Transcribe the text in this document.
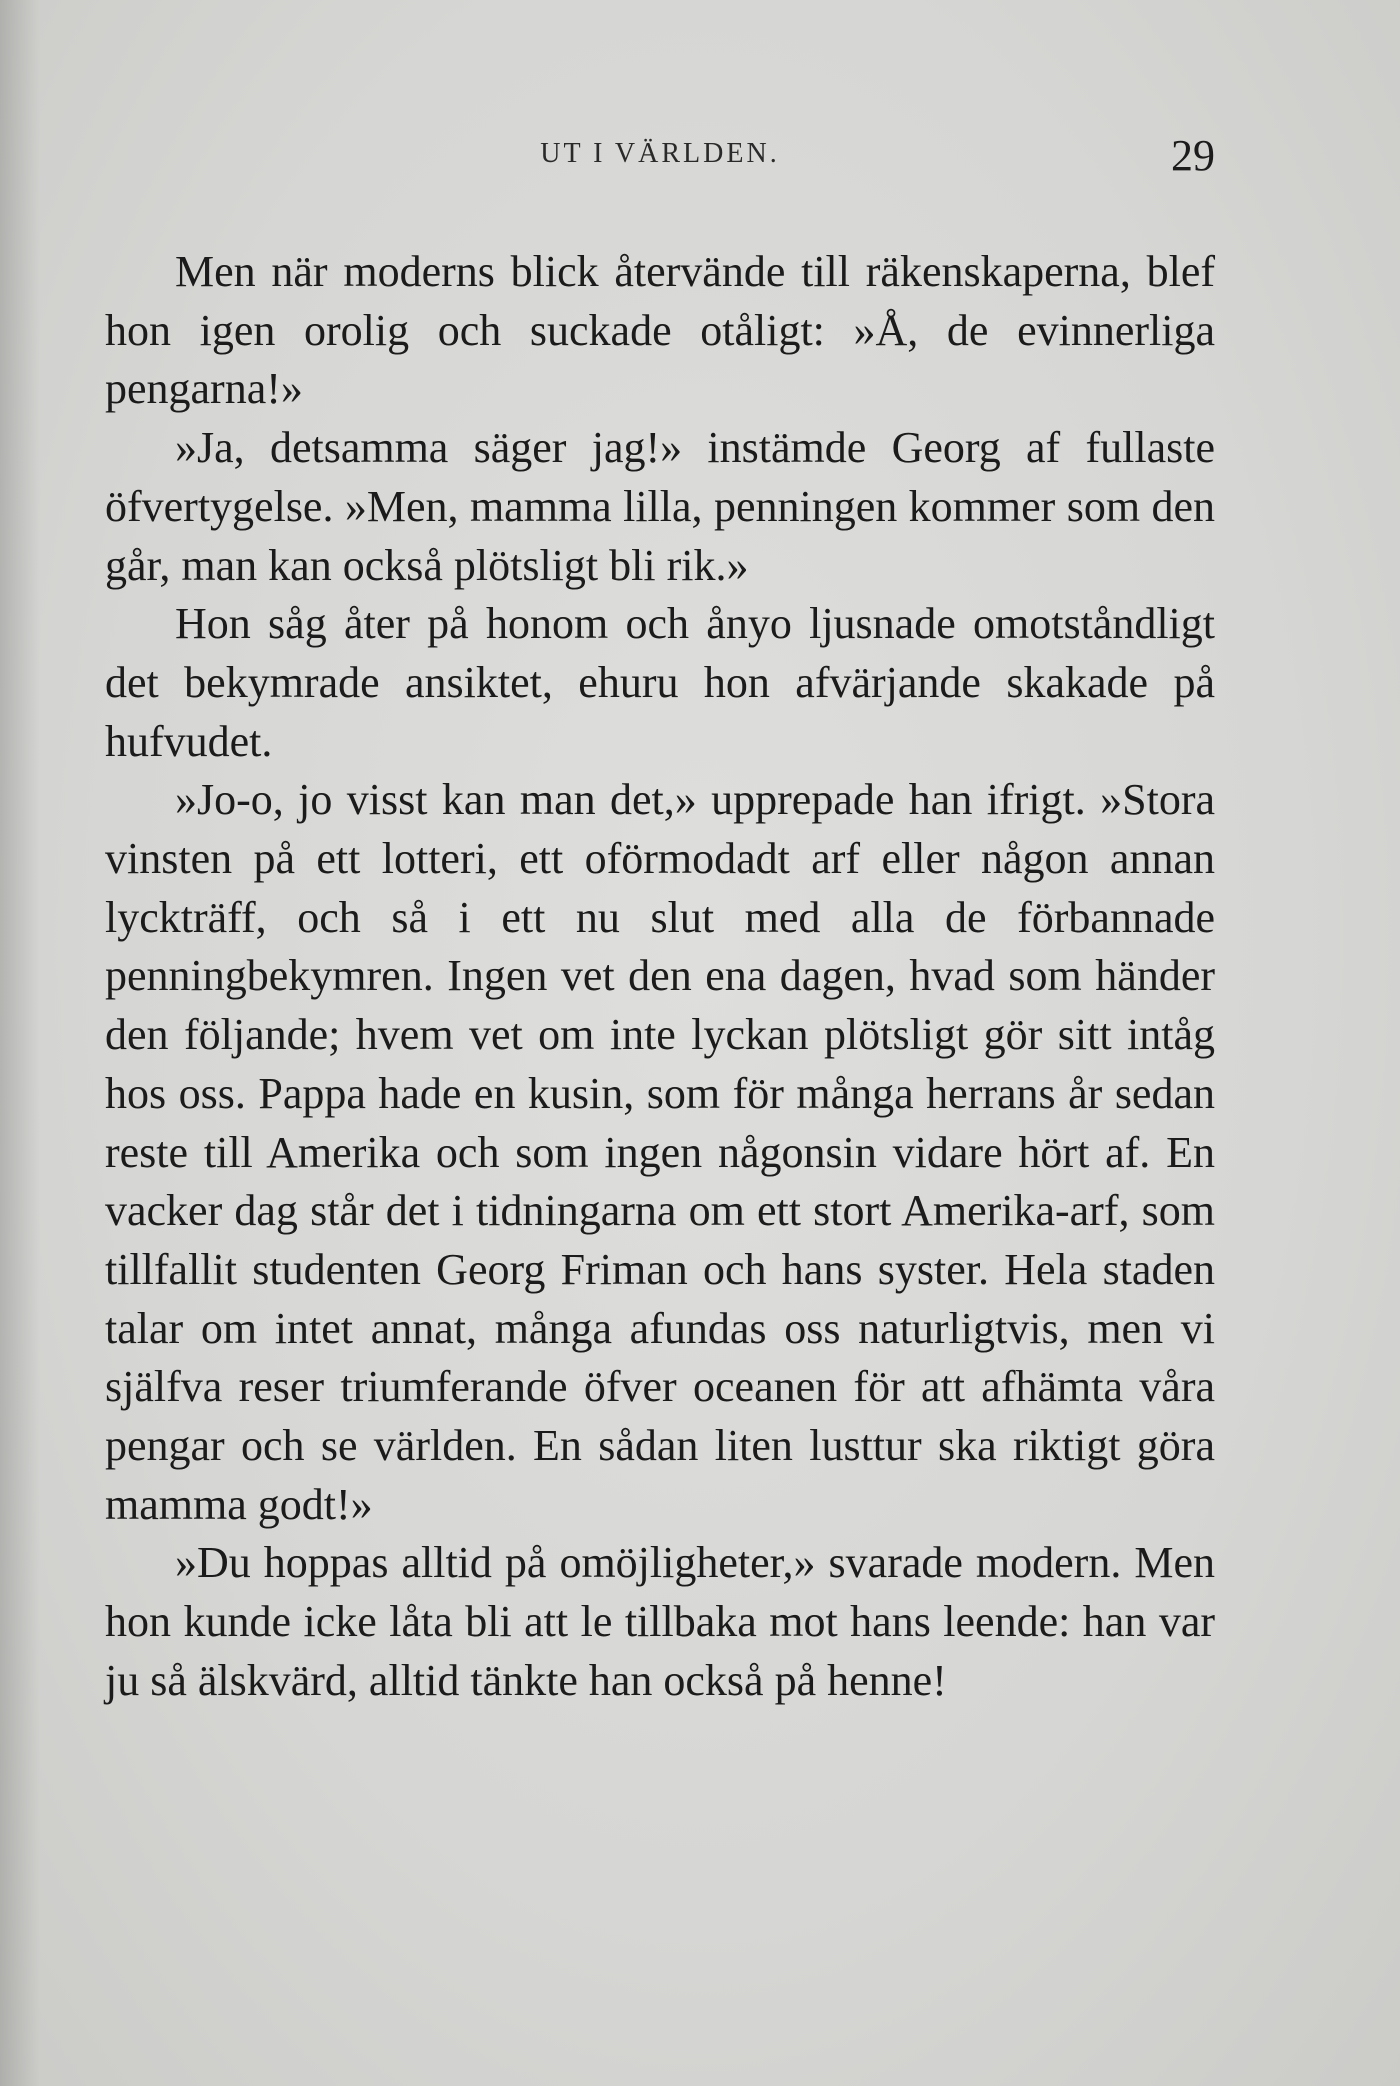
UT I VÄRLDEN.	29

Men när moderns blick återvände till räkenskaperna, blef hon igen orolig och suckade otåligt: »Å, de evinnerliga pengarna!»

»Ja, detsamma säger jag!» instämde Georg af fullaste öfvertygelse. »Men, mamma lilla, penningen kommer som den går, man kan också plötsligt bli rik.»

Hon såg åter på honom och ånyo ljusnade omotståndligt det bekymrade ansiktet, ehuru hon afvärjande skakade på hufvudet.

»Jo-o, jo visst kan man det,» upprepade han ifrigt. »Stora vinsten på ett lotteri, ett oförmodadt arf eller någon annan lyckträff, och så i ett nu slut med alla de förbannade penningbekymren. Ingen vet den ena dagen, hvad som händer den följande; hvem vet om inte lyckan plötsligt gör sitt intåg hos oss. Pappa hade en kusin, som för många herrans år sedan reste till Amerika och som ingen någonsin vidare hört af. En vacker dag står det i tidningarna om ett stort Amerika-arf, som tillfallit studenten Georg Friman och hans syster. Hela staden talar om intet annat, många afundas oss naturligtvis, men vi själfva reser triumferande öfver oceanen för att afhämta våra pengar och se världen. En sådan liten lusttur ska riktigt göra mamma godt!»

»Du hoppas alltid på omöjligheter,» svarade modern. Men hon kunde icke låta bli att le tillbaka mot hans leende: han var ju så älskvärd, alltid tänkte han också på henne!
